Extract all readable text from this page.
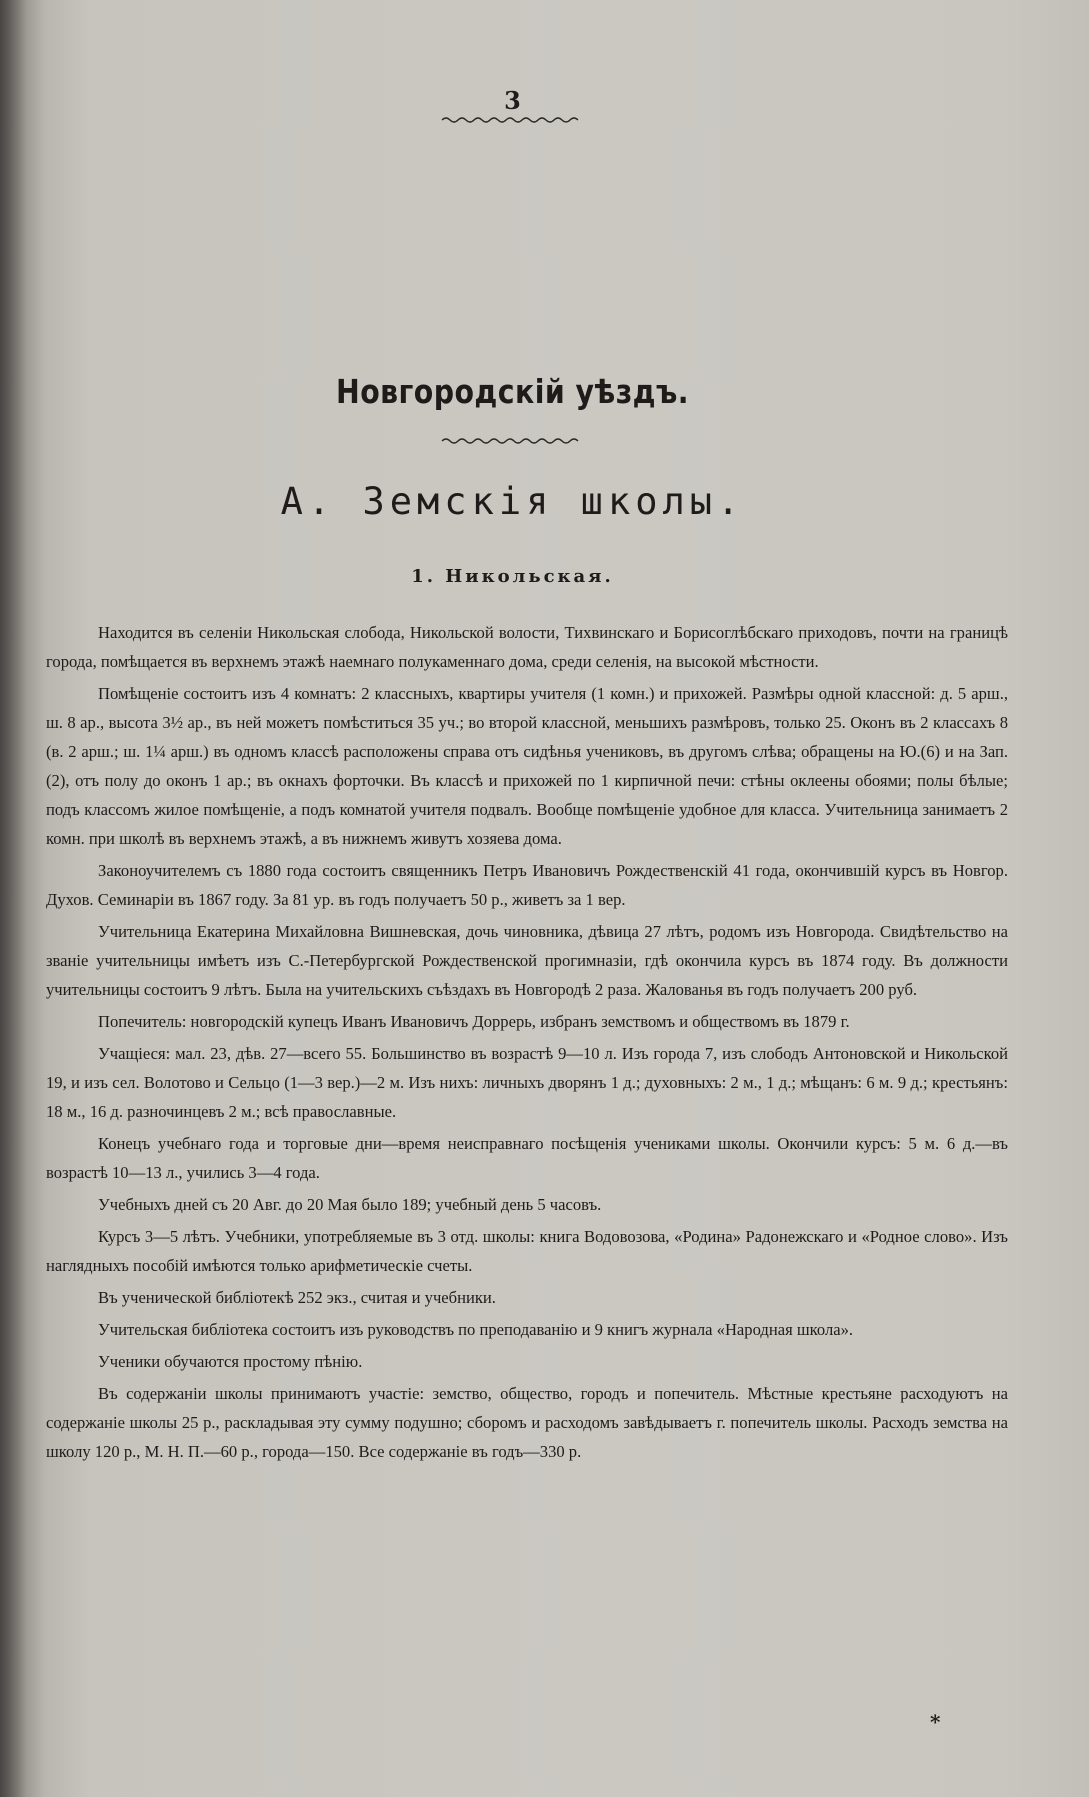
3
Новгородскій уѣздъ.
А. Земскія школы.
1. Никольская.

Находится въ селеніи Никольская слобода, Никольской волости, Тихвинскаго и Борисоглѣбскаго приходовъ, почти на границѣ города, помѣщается въ верхнемъ этажѣ наемнаго полукаменнаго дома, среди селенія, на высокой мѣстности.

Помѣщеніе состоитъ изъ 4 комнатъ: 2 классныхъ, квартиры учителя (1 комн.) и прихожей. Размѣры одной классной: д. 5 арш., ш. 8 ар., высота 3½ ар., въ ней можетъ помѣститься 35 уч.; во второй классной, меньшихъ размѣровъ, только 25. Оконъ въ 2 классахъ 8 (в. 2 арш.; ш. 1¼ арш.) въ одномъ классѣ расположены справа отъ сидѣнья учениковъ, въ другомъ слѣва; обращены на Ю.(6) и на Зап. (2), отъ полу до оконъ 1 ар.; въ окнахъ форточки. Въ классѣ и прихожей по 1 кирпичной печи: стѣны оклеены обоями; полы бѣлые; подъ классомъ жилое помѣщеніе, а подъ комнатой учителя подвалъ. Вообще помѣщеніе удобное для класса. Учительница занимаетъ 2 комн. при школѣ въ верхнемъ этажѣ, а въ нижнемъ живутъ хозяева дома.

Законоучителемъ съ 1880 года состоитъ священникъ Петръ Ивановичъ Рождественскій 41 года, окончившій курсъ въ Новгор. Духов. Семинаріи въ 1867 году. За 81 ур. въ годъ получаетъ 50 р., живетъ за 1 вер.

Учительница Екатерина Михайловна Вишневская, дочь чиновника, дѣвица 27 лѣтъ, родомъ изъ Новгорода. Свидѣтельство на званіе учительницы имѣетъ изъ С.-Петербургской Рождественской прогимназіи, гдѣ окончила курсъ въ 1874 году. Въ должности учительницы состоитъ 9 лѣтъ. Была на учительскихъ съѣздахъ въ Новгородѣ 2 раза. Жалованья въ годъ получаетъ 200 руб.

Попечитель: новгородскій купецъ Иванъ Ивановичъ Доррерь, избранъ земствомъ и обществомъ въ 1879 г.

Учащіеся: мал. 23, дѣв. 27—всего 55. Большинство въ возрастѣ 9—10 л. Изъ города 7, изъ слободъ Антоновской и Никольской 19, и изъ сел. Волотово и Сельцо (1—3 вер.)—2 м. Изъ нихъ: личныхъ дворянъ 1 д.; духовныхъ: 2 м., 1 д.; мѣщанъ: 6 м. 9 д.; крестьянъ: 18 м., 16 д. разночинцевъ 2 м.; всѣ православные.

Конецъ учебнаго года и торговые дни—время неисправнаго посѣщенія учениками школы. Окончили курсъ: 5 м. 6 д.—въ возрастѣ 10—13 л., учились 3—4 года.

Учебныхъ дней съ 20 Авг. до 20 Мая было 189; учебный день 5 часовъ.

Курсъ 3—5 лѣтъ. Учебники, употребляемые въ 3 отд. школы: книга Водовозова, «Родина» Радонежскаго и «Родное слово». Изъ наглядныхъ пособій имѣются только арифметическіе счеты.

Въ ученической библіотекѣ 252 экз., считая и учебники.

Учительская библіотека состоитъ изъ руководствъ по преподаванію и 9 книгъ журнала «Народная школа».

Ученики обучаются простому пѣнію.

Въ содержаніи школы принимаютъ участіе: земство, общество, городъ и попечитель. Мѣстные крестьяне расходуютъ на содержаніе школы 25 р., раскладывая эту сумму подушно; сборомъ и расходомъ завѣдываетъ г. попечитель школы. Расходъ земства на школу 120 р., М. Н. П.—60 р., города—150. Все содержаніе въ годъ—330 р.

*
